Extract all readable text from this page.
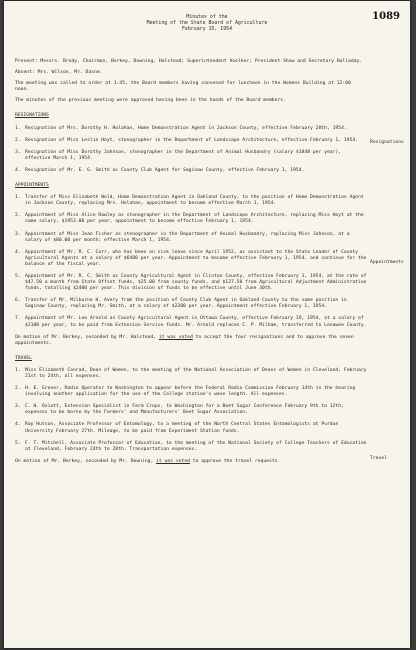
1089
Minutes of the
Meeting of the State Board of Agriculture
February 15, 1954
Resignations
Appointments
Travel

Present: Messrs. Brody, Chairman, Berkey, Downing, Halstead; Superintendent Voelker; President Shaw and Secretary Halladay.

Absent: Mrs. Wilson, Mr. Dasne.

The meeting was called to order at 1:45, the Board members having convened for luncheon in the Womens Building at 12:00 noon.

The minutes of the previous meeting were approved having been in the hands of the Board members.

RESIGNATIONS
1. Resignation of Mrs. Dorothy H. Holahan, Home Demonstration Agent in Jackson County, effective February 28th, 1954.
2. Resignation of Miss Leslie Hoyt, stenographer in the Department of Landscape Architecture, effective February 1, 1954.
3. Resignation of Miss Dorothy Johnson, stenographer in the Department of Animal Husbandry (salary $1848 per year), effective March 1, 1954.
4. Resignation of Mr. E. G. Smith as County Club Agent for Saginaw County, effective February 1, 1954.
APPOINTMENTS
1. Transfer of Miss Elizabeth Weld, Home Demonstration Agent in Oakland County, to the position of Home Demonstration Agent in Jackson County, replacing Mrs. Holahan, appointment to become effective March 1, 1954.
2. Appointment of Miss Alice Rawley as stenographer in the Department of Landscape Architecture, replacing Miss Hoyt at the same salary, $1953.00 per year, appointment to become effective February 1, 1954.
3. Appointment of Miss Jean Fisher as stenographer in the Department of Animal Husbandry, replacing Miss Johnson, at a salary of $80.00 per month; effective March 1, 1954.
4. Appointment of Mr. R. C. Carr, who has been on sick leave since April 1952, as assistant to the State Leader of County Agricultural Agents at a salary of $6400 per year. Appointment to become effective February 1, 1954, and continue for the balance of the fiscal year.
5. Appointment of Mr. R. C. Smith as County Agricultural Agent in Clinton County, effective February 1, 1954, at the rate of $47.50 a month from State Offset funds, $25.00 from county funds, and $127.50 from Agricultural Adjustment Administration funds, totalling $2400 per year. This division of funds to be effective until June 30th.
6. Transfer of Mr. Milburne H. Avery from the position of County Club Agent in Oakland County to the same position in Saginaw County, replacing Mr. Smith, at a salary of $2200 per year. Appointment effective February 1, 1954.
7. Appointment of Mr. Leo Arnold as County Agricultural Agent in Ottawa County, effective February 19, 1954, at a salary of $2100 per year, to be paid from Extension Service funds. Mr. Arnold replaces C. P. Milham, transferred to Lenawee County.

On motion of Mr. Berkey, seconded by Mr. Halstead, it was voted to accept the four resignations and to approve the seven appointments.

TRAVEL
1. Miss Elizabeth Conrad, Dean of Women, to the meeting of the National Association of Deans of Women in Cleveland, February 21st to 24th, all expenses.
2. H. E. Grover, Radio Operator to Washington to appear before the Federal Radio Commission February 14th in the hearing involving another application for the use of the College station's wave length. All expenses.
3. C. H. Oviatt, Extension Specialist in Farm Crops, to Washington for a Beet Sugar Conference February 9th to 12th; expenses to be borne by the Farmers' and Manufacturers' Beet Sugar Association.
4. Ray Hutson, Associate Professor of Entomology, to a meeting of the North Central States Entomologists at Purdue University February 27th. Mileage, to be paid from Experiment Station funds.
5. F. T. Mitchell, Associate Professor of Education, to the meeting of the National Society of College Teachers of Education at Cleveland, February 24th to 28th. Transportation expenses.

On motion of Mr. Berkey, seconded by Mr. Downing, it was voted to approve the travel requests.
